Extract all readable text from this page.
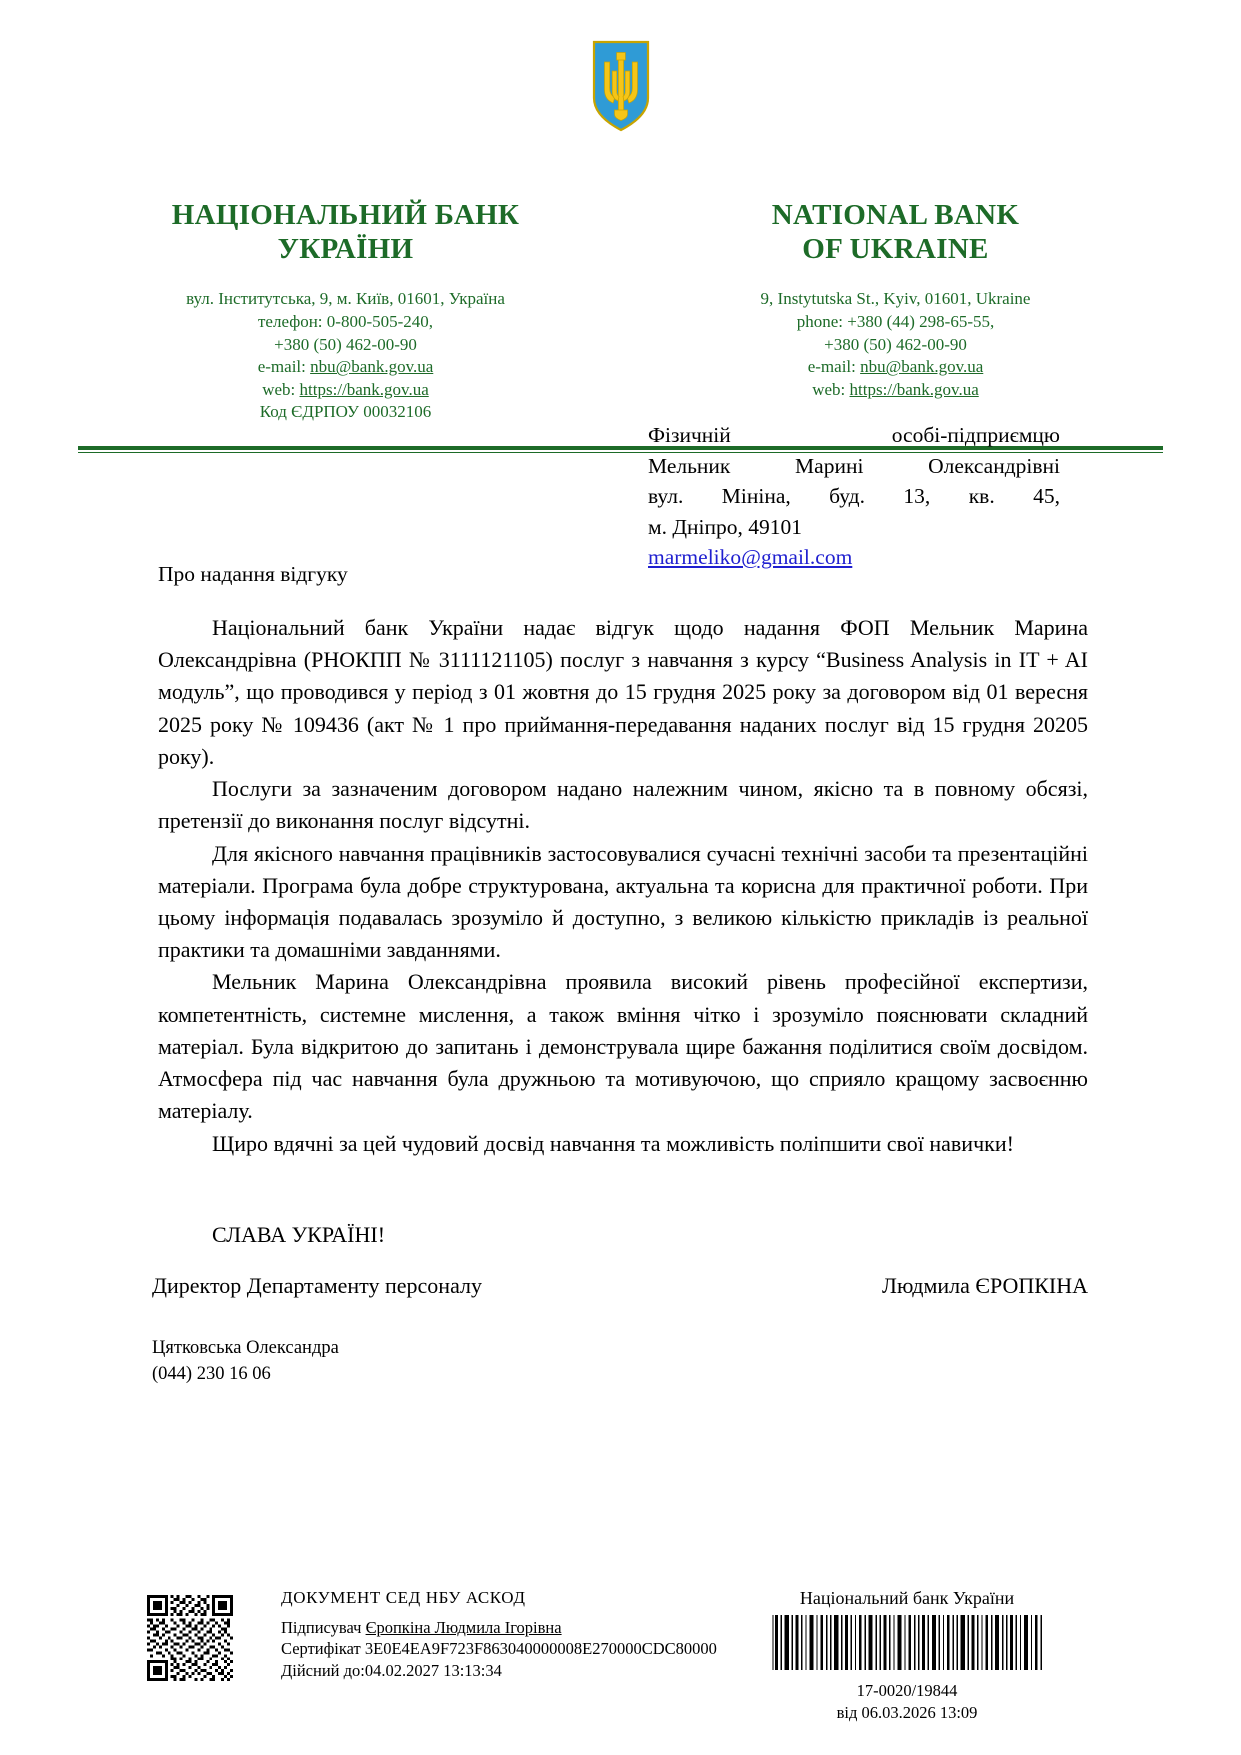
НАЦІОНАЛЬНИЙ БАНК
УКРАЇНИ
вул. Інститутська, 9, м. Київ, 01601, Україна
телефон: 0-800-505-240,
+380 (50) 462-00-90
e-mail: nbu@bank.gov.ua
web: https://bank.gov.ua
Код ЄДРПОУ 00032106
NATIONAL BANK
OF UKRAINE
9, Instytutska St., Kyiv, 01601, Ukraine
phone: +380 (44) 298-65-55,
+380 (50) 462-00-90
e-mail: nbu@bank.gov.ua
web: https://bank.gov.ua
Фізичній особі-підприємцю
Мельник Марині Олександрівні
вул. Мініна, буд. 13, кв. 45,
м. Дніпро, 49101
marmeliko@gmail.com
Про надання відгуку

Національний банк України надає відгук щодо надання ФОП Мельник Марина Олександрівна (РНОКПП № 3111121105) послуг з навчання з курсу “Business Analysis in IT + AI модуль”, що проводився у період з 01 жовтня до 15 грудня 2025 року за договором від 01 вересня 2025 року № 109436 (акт № 1 про приймання-передавання наданих послуг від 15 грудня 20205 року).

Послуги за зазначеним договором надано належним чином, якісно та в повному обсязі, претензії до виконання послуг відсутні.

Для якісного навчання працівників застосовувалися сучасні технічні засоби та презентаційні матеріали. Програма була добре структурована, актуальна та корисна для практичної роботи. При цьому інформація подавалась зрозуміло й доступно, з великою кількістю прикладів із реальної практики та домашніми завданнями.

Мельник Марина Олександрівна проявила високий рівень професійної експертизи, компетентність, системне мислення, а також вміння чітко і зрозуміло пояснювати складний матеріал. Була відкритою до запитань і демонструвала щире бажання поділитися своїм досвідом. Атмосфера під час навчання була дружньою та мотивуючою, що сприяло кращому засвоєнню матеріалу.

Щиро вдячні за цей чудовий досвід навчання та можливість поліпшити свої навички!

СЛАВА УКРАЇНІ!
Директор Департаменту персоналу	Людмила ЄРОПКІНА
Цятковська Олександра
(044) 230 16 06
ДОКУМЕНТ СЕД НБУ АСКОД
Підписувач Єропкіна Людмила Ігорівна
Сертифікат 3E0E4EA9F723F863040000008E270000CDC80000
Дійсний до:04.02.2027 13:13:34
Національний банк України
17-0020/19844
від 06.03.2026 13:09
